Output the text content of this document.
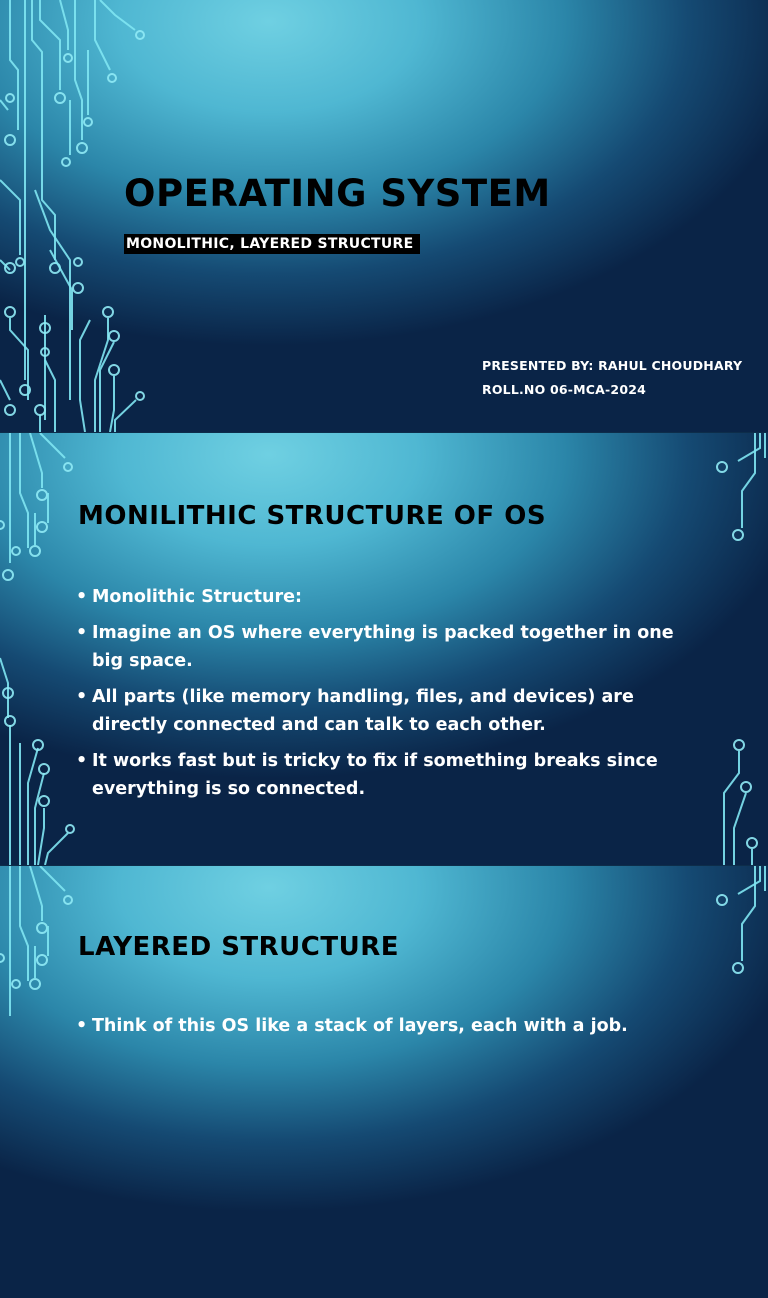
OPERATING SYSTEM
MONOLITHIC, LAYERED STRUCTURE
PRESENTED BY: RAHUL CHOUDHARY
ROLL.NO 06-MCA-2024
MONILITHIC STRUCTURE OF OS
• Monolithic Structure:
• Imagine an OS where everything is packed together in one big space.
• All parts (like memory handling, files, and devices) are directly connected and can talk to each other.
• It works fast but is tricky to fix if something breaks since everything is so connected.
LAYERED STRUCTURE
• Think of this OS like a stack of layers, each with a job.
